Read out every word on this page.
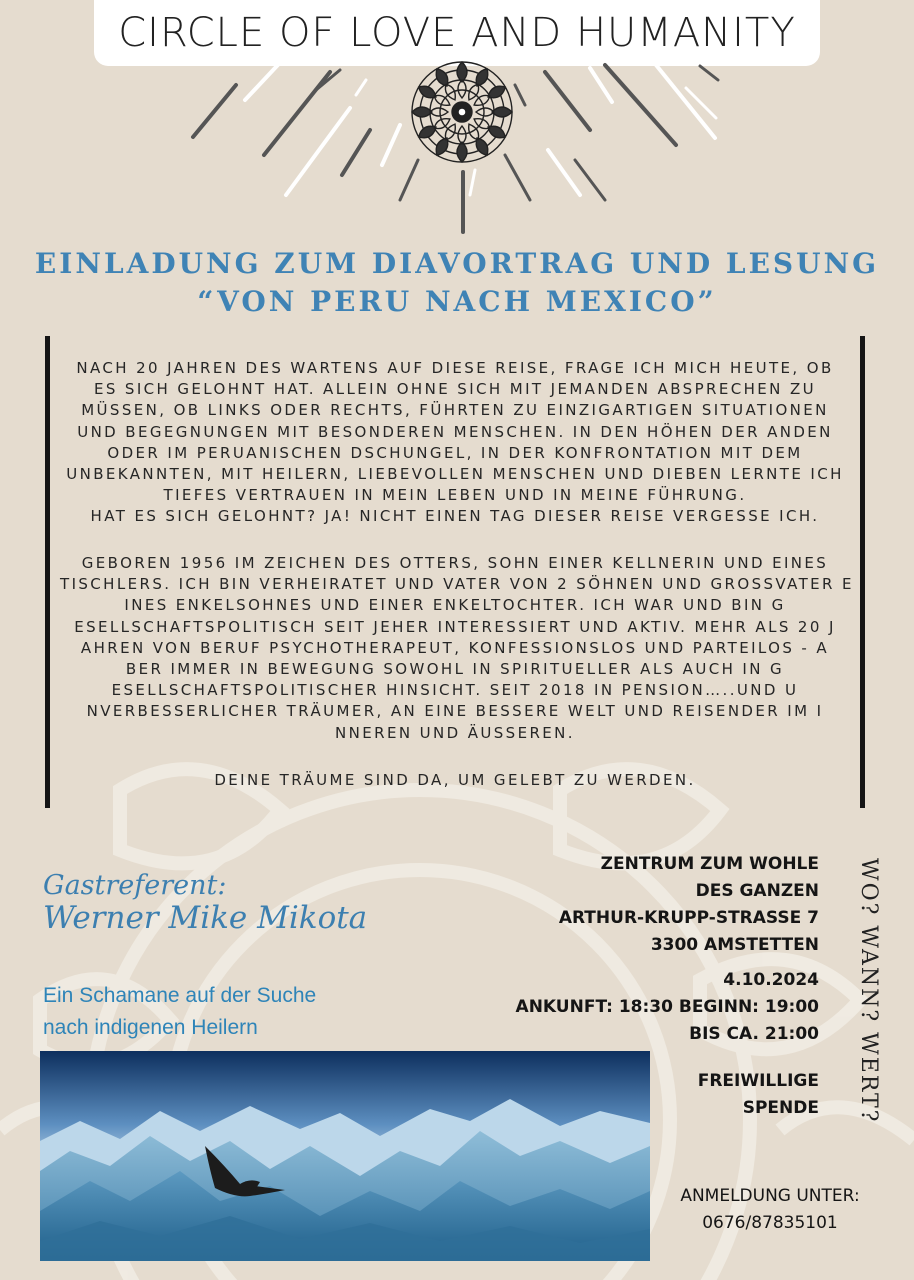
CIRCLE OF LOVE AND HUMANITY
EINLADUNG ZUM DIAVORTRAG UND LESUNG
“VON PERU NACH MEXICO”
NACH 20 JAHREN DES WARTENS AUF DIESE REISE, FRAGE ICH MICH HEUTE, OB
ES SICH GELOHNT HAT. ALLEIN OHNE SICH MIT JEMANDEN ABSPRECHEN ZU
MÜSSEN, OB LINKS ODER RECHTS, FÜHRTEN ZU EINZIGARTIGEN SITUATIONEN
UND BEGEGNUNGEN MIT BESONDEREN MENSCHEN. IN DEN HÖHEN DER ANDEN
ODER IM PERUANISCHEN DSCHUNGEL, IN DER KONFRONTATION MIT DEM
UNBEKANNTEN, MIT HEILERN, LIEBEVOLLEN MENSCHEN UND DIEBEN LERNTE ICH
TIEFES VERTRAUEN IN MEIN LEBEN UND IN MEINE FÜHRUNG.
HAT ES SICH GELOHNT? JA! NICHT EINEN TAG DIESER REISE VERGESSE ICH.
GEBOREN 1956 IM ZEICHEN DES OTTERS, SOHN EINER KELLNERIN UND EINES
TISCHLERS. ICH BIN VERHEIRATET UND VATER VON 2 SÖHNEN UND GROSSVATER E
INES ENKELSOHNES UND EINER ENKELTOCHTER. ICH WAR UND BIN G
ESELLSCHAFTSPOLITISCH SEIT JEHER INTERESSIERT UND AKTIV. MEHR ALS 20 J
AHREN VON BERUF PSYCHOTHERAPEUT, KONFESSIONSLOS UND PARTEILOS - A
BER IMMER IN BEWEGUNG SOWOHL IN SPIRITUELLER ALS AUCH IN G
ESELLSCHAFTSPOLITISCHER HINSICHT. SEIT 2018 IN PENSION…..UND U
NVERBESSERLICHER TRÄUMER, AN EINE BESSERE WELT UND REISENDER IM I
NNEREN UND ÄUSSEREN.
DEINE TRÄUME SIND DA, UM GELEBT ZU WERDEN.
Gastreferent:
Werner Mike Mikota
Ein Schamane auf der Suche
nach indigenen Heilern
ZENTRUM ZUM WOHLE
DES GANZEN
ARTHUR-KRUPP-STRASSE 7
3300 AMSTETTEN
4.10.2024
ANKUNFT: 18:30 BEGINN: 19:00
BIS CA. 21:00
FREIWILLIGE
SPENDE
ANMELDUNG UNTER:
0676/87835101
WO? WANN? WERT?
